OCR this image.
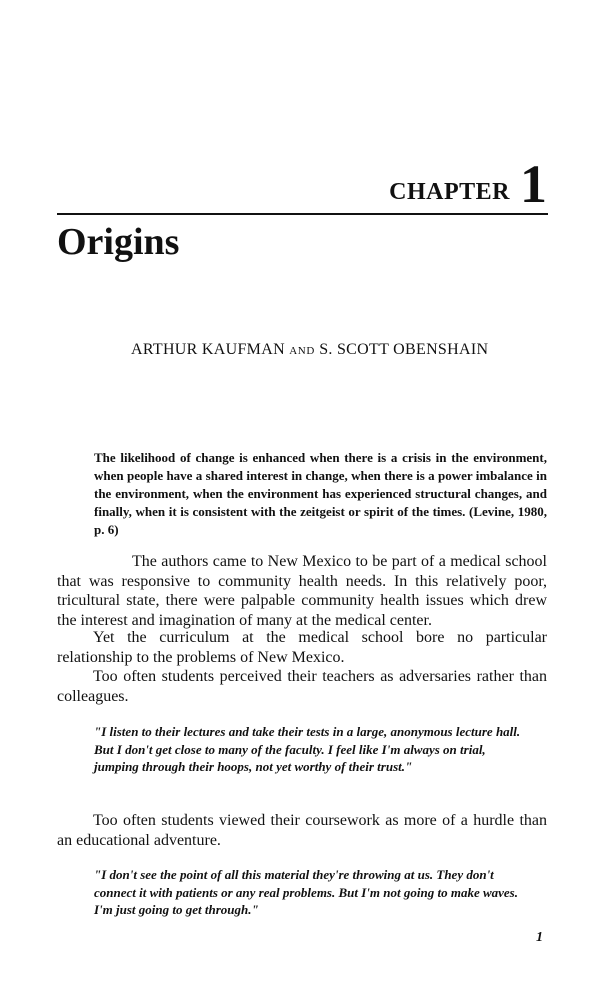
CHAPTER 1
Origins
ARTHUR KAUFMAN AND S. SCOTT OBENSHAIN

The likelihood of change is enhanced when there is a crisis in the environment, when people have a shared interest in change, when there is a power imbalance in the environment, when the environment has experienced structural changes, and finally, when it is consistent with the zeitgeist or spirit of the times. (Levine, 1980, p. 6)

The authors came to New Mexico to be part of a medical school that was responsive to community health needs. In this relatively poor, tricultural state, there were palpable community health issues which drew the interest and imagination of many at the medical center.

Yet the curriculum at the medical school bore no particular relationship to the problems of New Mexico.

Too often students perceived their teachers as adversaries rather than colleagues.

"I listen to their lectures and take their tests in a large, anonymous lecture hall. But I don't get close to many of the faculty. I feel like I'm always on trial, jumping through their hoops, not yet worthy of their trust."

Too often students viewed their coursework as more of a hurdle than an educational adventure.

"I don't see the point of all this material they're throwing at us. They don't connect it with patients or any real problems. But I'm not going to make waves. I'm just going to get through."

1
